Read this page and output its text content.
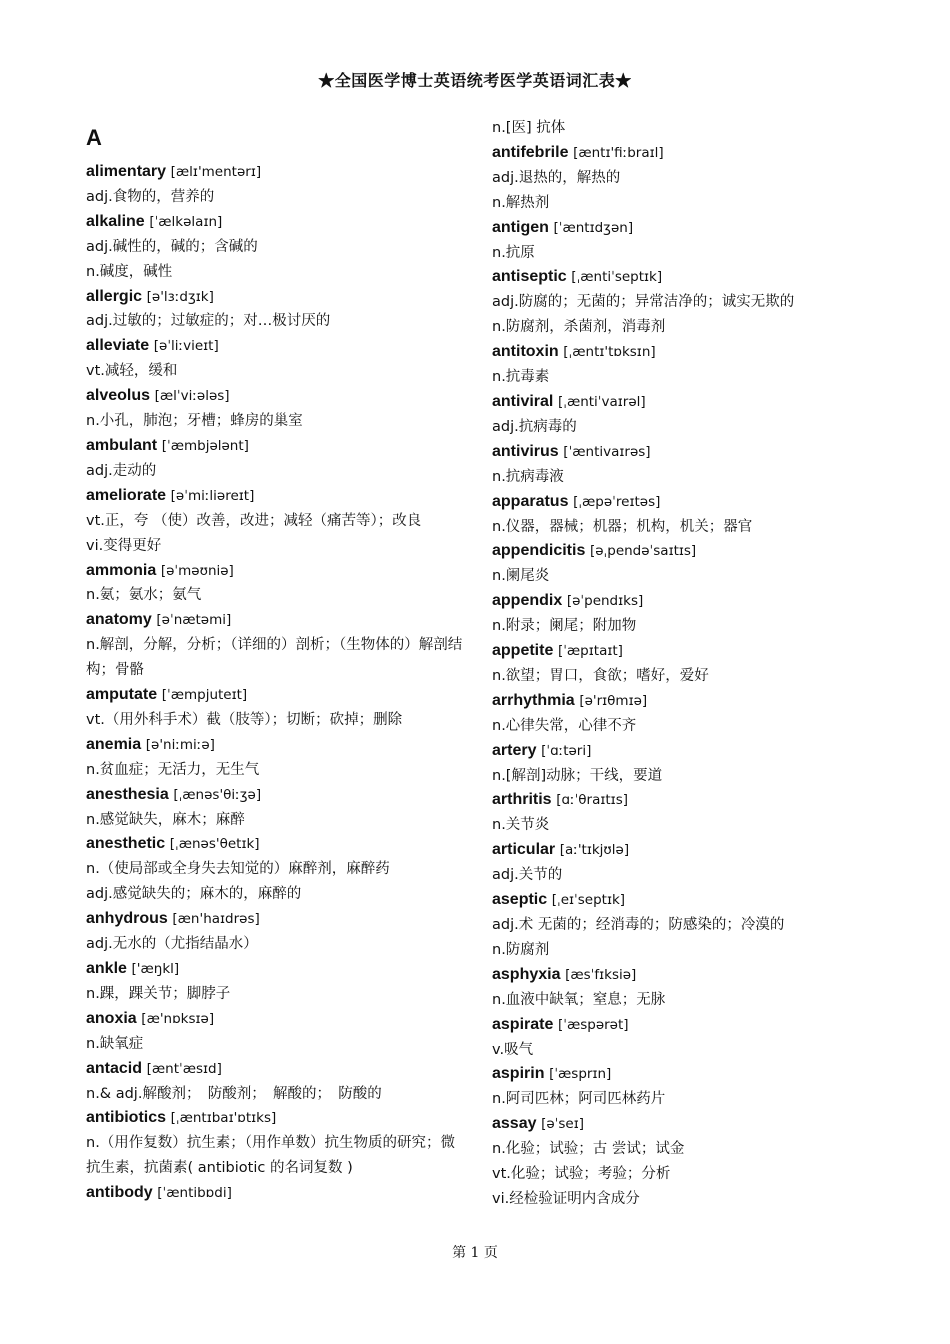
★全国医学博士英语统考医学英语词汇表★
A
alimentary [ælɪ'mentərɪ]
adj.食物的，营养的
alkaline [ˈælkəlaɪn]
adj.碱性的，碱的；含碱的
n.碱度，碱性
allergic [ə'lɜːdʒɪk]
adj.过敏的；过敏症的；对…极讨厌的
alleviate [əˈliːvieɪt]
vt.减轻，缓和
alveolus [ælˈviːələs]
n.小孔，肺泡；牙槽；蜂房的巢室
ambulant [ˈæmbjələnt]
adj.走动的
ameliorate [əˈmiːliəreɪt]
vt.正，夸 （使）改善，改进；减轻（痛苦等）；改良
vi.变得更好
ammonia [əˈməʊniə]
n.氨；氨水；氨气
anatomy [əˈnætəmi]
n.解剖，分解，分析；（详细的）剖析；（生物体的）解剖结构；骨骼
amputate [ˈæmpjuteɪt]
vt.（用外科手术）截（肢等）；切断；砍掉；删除
anemia [ə'niːmiːə]
n.贫血症；无活力，无生气
anesthesia [ˌænəs'θiːʒə]
n.感觉缺失，麻木；麻醉
anesthetic [ˌænəs'θetɪk]
n.（使局部或全身失去知觉的）麻醉剂，麻醉药
adj.感觉缺失的；麻木的，麻醉的
anhydrous [æn'haɪdrəs]
adj.无水的（尤指结晶水）
ankle ['æŋkl]
n.踝，踝关节；脚脖子
anoxia [æ'nɒksɪə]
n.缺氧症
antacid [æntˈæsɪd]
n.& adj.解酸剂；　防酸剂；　解酸的；　防酸的
antibiotics [ˌæntɪbaɪ'ɒtɪks]
n.（用作复数）抗生素；（用作单数）抗生物质的研究；微 抗生素，抗菌素( antibiotic 的名词复数 )
antibody [ˈæntibɒdi]
n.[医] 抗体
antifebrile [æntɪ'fiːbraɪl]
adj.退热的，解热的
n.解热剂
antigen [ˈæntɪdʒən]
n.抗原
antiseptic [ˌæntiˈseptɪk]
adj.防腐的；无菌的；异常洁净的；诚实无欺的
n.防腐剂，杀菌剂，消毒剂
antitoxin [ˌæntɪ'tɒksɪn]
n.抗毒素
antiviral [ˌæntiˈvaɪrəl]
adj.抗病毒的
antivirus [ˈæntivaɪrəs]
n.抗病毒液
apparatus [ˌæpəˈreɪtəs]
n.仪器，器械；机器；机构，机关；器官
appendicitis [əˌpendəˈsaɪtɪs]
n.阑尾炎
appendix [əˈpendɪks]
n.附录；阑尾；附加物
appetite [ˈæpɪtaɪt]
n.欲望；胃口，食欲；嗜好，爱好
arrhythmia [ə'rɪθmɪə]
n.心律失常，心律不齐
artery [ˈɑːtəri]
n.[解剖]动脉；干线，要道
arthritis [ɑːˈθraɪtɪs]
n.关节炎
articular [aː'tɪkjʊlə]
adj.关节的
aseptic [ˌeɪˈseptɪk]
adj.术 无菌的；经消毒的；防感染的；冷漠的
n.防腐剂
asphyxia [æsˈfɪksiə]
n.血液中缺氧；窒息；无脉
aspirate [ˈæspərət]
v.吸气
aspirin [ˈæsprɪn]
n.阿司匹林；阿司匹林药片
assay [əˈseɪ]
n.化验；试验；古 尝试；试金
vt.化验；试验；考验；分析
vi.经检验证明内含成分
第 1 页
